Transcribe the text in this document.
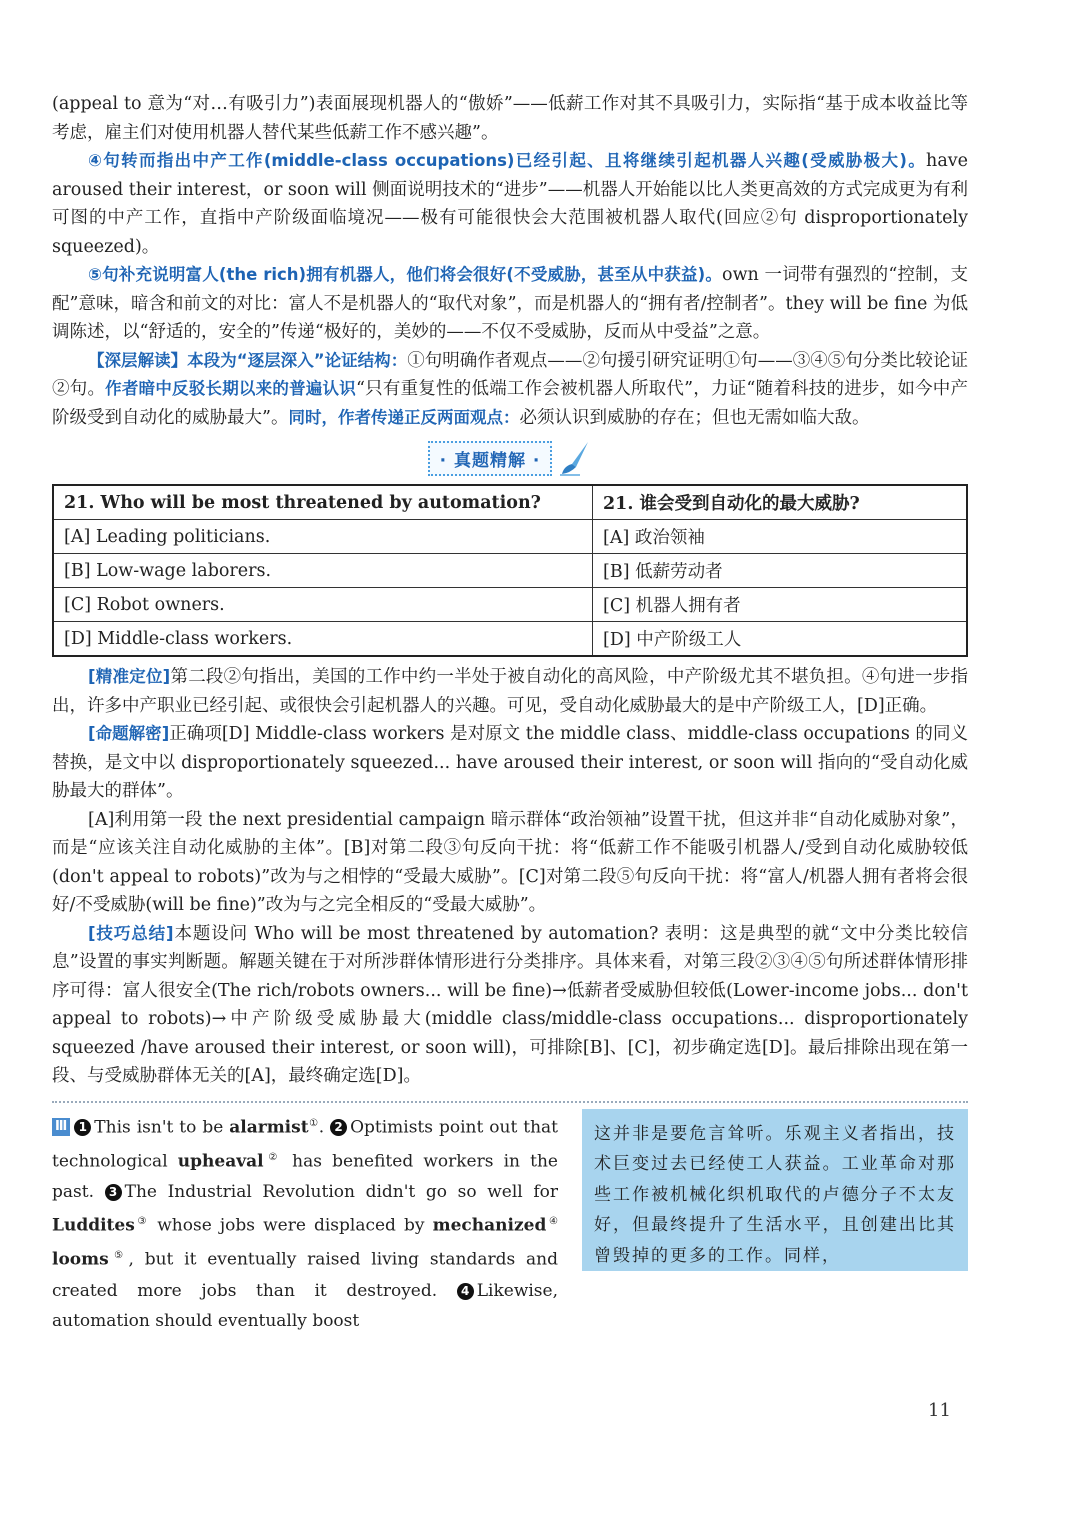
(appeal to 意为“对…有吸引力”)表面展现机器人的“傲娇”——低薪工作对其不具吸引力，实际指“基于成本收益比等考虑，雇主们对使用机器人替代某些低薪工作不感兴趣”。

④句转而指出中产工作(middle-class occupations)已经引起、且将继续引起机器人兴趣(受威胁极大)。have aroused their interest，or soon will 侧面说明技术的“进步”——机器人开始能以比人类更高效的方式完成更为有利可图的中产工作，直指中产阶级面临境况——极有可能很快会大范围被机器人取代(回应②句 disproportionately squeezed)。

⑤句补充说明富人(the rich)拥有机器人，他们将会很好(不受威胁，甚至从中获益)。own 一词带有强烈的“控制，支配”意味，暗含和前文的对比：富人不是机器人的“取代对象”，而是机器人的“拥有者/控制者”。they will be fine 为低调陈述，以“舒适的，安全的”传递“极好的，美妙的——不仅不受威胁，反而从中受益”之意。

【深层解读】本段为“逐层深入”论证结构：①句明确作者观点——②句援引研究证明①句——③④⑤句分类比较论证②句。作者暗中反驳长期以来的普遍认识“只有重复性的低端工作会被机器人所取代”，力证“随着科技的进步，如今中产阶级受到自动化的威胁最大”。同时，作者传递正反两面观点：必须认识到威胁的存在；但也无需如临大敌。

· 真题精解 ·
21. Who will be most threatened by automation?	21. 谁会受到自动化的最大威胁?
[A] Leading politicians.	[A] 政治领袖
[B] Low-wage laborers.	[B] 低薪劳动者
[C] Robot owners.	[C] 机器人拥有者
[D] Middle-class workers.	[D] 中产阶级工人

[精准定位]第二段②句指出，美国的工作中约一半处于被自动化的高风险，中产阶级尤其不堪负担。④句进一步指出，许多中产职业已经引起、或很快会引起机器人的兴趣。可见，受自动化威胁最大的是中产阶级工人，[D]正确。

[命题解密]正确项[D] Middle-class workers 是对原文 the middle class、middle-class occupations 的同义替换，是文中以 disproportionately squeezed... have aroused their interest, or soon will 指向的“受自动化威胁最大的群体”。

[A]利用第一段 the next presidential campaign 暗示群体“政治领袖”设置干扰，但这并非“自动化威胁对象”，而是“应该关注自动化威胁的主体”。[B]对第二段③句反向干扰：将“低薪工作不能吸引机器人/受到自动化威胁较低(don't appeal to robots)”改为与之相悖的“受最大威胁”。[C]对第二段⑤句反向干扰：将“富人/机器人拥有者将会很好/不受威胁(will be fine)”改为与之完全相反的“受最大威胁”。

[技巧总结]本题设问 Who will be most threatened by automation? 表明：这是典型的就“文中分类比较信息”设置的事实判断题。解题关键在于对所涉群体情形进行分类排序。具体来看，对第三段②③④⑤句所述群体情形排序可得：富人很安全(The rich/robots owners... will be fine)→低薪者受威胁但较低(Lower-income jobs... don't appeal to robots)→中产阶级受威胁最大(middle class/middle-class occupations... disproportionately squeezed /have aroused their interest, or soon will)，可排除[B]、[C]，初步确定选[D]。最后排除出现在第一段、与受威胁群体无关的[A]，最终确定选[D]。

Ⅲ 1 This isn't to be alarmist①. 2 Optimists point out that technological upheaval② has benefited workers in the past. 3 The Industrial Revolution didn't go so well for Luddites③ whose jobs were displaced by mechanized④ looms⑤, but it eventually raised living standards and created more jobs than it destroyed. 4 Likewise, automation should eventually boost

这并非是要危言耸听。乐观主义者指出，技术巨变过去已经使工人获益。工业革命对那些工作被机械化织机取代的卢德分子不太友好，但最终提升了生活水平，且创建出比其曾毁掉的更多的工作。同样，

11
